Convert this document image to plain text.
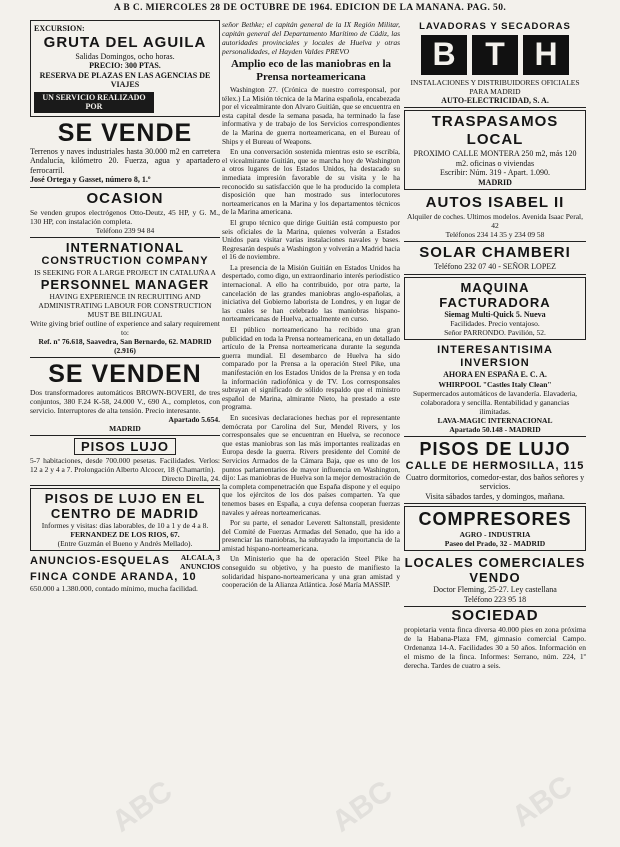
A B C. MIERCOLES 28 DE OCTUBRE DE 1964. EDICION DE LA MAÑANA. PAG. 50.
EXCURSION:
GRUTA DEL AGUILA
Salidas Domingos, ocho horas.
PRECIO: 300 PTAS.
RESERVA DE PLAZAS EN LAS AGENCIAS DE VIAJES
UN SERVICIO REALIZADO POR
SE VENDE
Terrenos y naves industriales hasta 30.000 m2 en carretera Andalucía, kilómetro 20. Fuerza, agua y apartadero ferrocarril.
José Ortega y Gasset, número 8, 1.º
OCASION
Se venden grupos electrógenos Otto-Deutz, 45 HP, y G. M., 130 HP, con instalación completa.
Teléfono 239 94 84
INTERNATIONAL
CONSTRUCTION COMPANY
IS SEEKING FOR A LARGE PROJECT IN CATALUÑA A
PERSONNEL MANAGER
HAVING EXPERIENCE IN RECRUITING AND ADMINISTRATING LABOUR FOR CONSTRUCTION MUST BE BILINGUAL
Write giving brief outline of experience and salary requirement to:
Ref. nº 76.618, Saavedra, San Bernardo, 62. MADRID (2.916)
SE VENDEN
Dos transformadores automáticos BROWN-BOVERI, de tres conjuntos, 380 F.24 K-58, 24.000 V., 690 A., completos, con servicio. Interruptores de alta tensión. Precio interesante.
Apartado 5.654.
MADRID
PISOS LUJO
5-7 habitaciones, desde 700.000 pesetas. Facilidades. Verlos: 12 a 2 y 4 a 7. Prolongación Alberto Alcocer, 18 (Chamartín).
Directo Dirella, 24.
PISOS DE LUJO EN EL
CENTRO DE MADRID
Informes y visitas: días laborables, de 10 a 1 y de 4 a 8.
FERNANDEZ DE LOS RIOS, 67.
(Entre Guzmán el Bueno y Andrés Mellado).
ANUNCIOS-ESQUELAS ALCALA, 3 ANUNCIOS
FINCA CONDE ARANDA, 10
650.000 a 1.380.000, contado mínimo, mucha facilidad.
señor Bethke; el capitán general de la IX Región Militar, capitán general del Departamento Marítimo de Cádiz, las autoridades provinciales y locales de Huelva y otras personalidades, el Hayden Valdes PREVO
Amplio eco de las maniobras en la Prensa norteamericana

Washington 27. (Crónica de nuestro corresponsal, por télex.) La Misión técnica de la Marina española, encabezada por el vicealmirante don Alvaro Guitián, que se encuentra en esta capital desde la semana pasada, ha terminado la fase informativa y de trabajo de los Servicios correspondientes de la Marina de guerra norteamericana, en el Bureau of Ships y el Bureau of Weapons.

En una conversación sostenida mientras esto se escribía, el vicealmirante Guitián, que se marcha hoy de Washington a otros lugares de los Estados Unidos, ha destacado su inmediata impresión favorable de su visita y le ha reconocido su satisfacción que le ha producido la completa disposición que han mostrado sus interlocutores norteamericanos en la Marina y los departamentos técnicos de la Marina americana.

El grupo técnico que dirige Guitián está compuesto por seis oficiales de la Marina, quienes volverán a Estados Unidos para visitar varias instalaciones navales y bases. Regresarán después a Washington y volverán a Madrid hacia el 16 de noviembre.

La presencia de la Misión Guitián en Estados Unidos ha despertado, como digo, un extraordinario interés periodístico internacional. A ello ha contribuido, por otra parte, la cancelación de las grandes maniobras anglo-españolas, a iniciativa del Gobierno laborista de Londres, y en lugar de las cuales se han celebrado las maniobras hispano-norteamericanas de Huelva, actualmente en curso.

El público norteamericano ha recibido una gran publicidad en toda la Prensa norteamericana, en un detallado artículo de la Prensa norteamericana durante la segunda guerra mundial. El desembarco de Huelva ha sido comparado por la Prensa a la operación Steel Pike, una manifestación en los Estados Unidos de la Prensa y en toda la información radiofónica y de TV. Los corresponsales subrayan el significado de sólido respaldo que el ministro español de Marina, almirante Nieto, ha prestado a este programa.

En sucesivas declaraciones hechas por el representante demócrata por Carolina del Sur, Mendel Rivers, y los corresponsales que se encuentran en Huelva, se reconoce que estas maniobras son las más importantes realizadas en Europa desde la guerra. Rivers presidente del Comité de Servicios Armados de la Cámara Baja, que es uno de los puntos parlamentarios de mayor influencia en Washington, dijo: Las maniobras de Huelva son la mejor demostración de la completa compenetración que España dispone y el equipo que los ejércitos de los dos países comparten. Ya que tenemos bases en España, a cuya defensa cooperan fuerzas navales y aéreas norteamericanas.

Por su parte, el senador Leverett Saltonstall, presidente del Comité de Fuerzas Armadas del Senado, que ha ido a presenciar las maniobras, ha subrayado la importancia de la amistad hispano-norteamericana.

Un Ministerio que ha de operación Steel Pike ha conseguido su objetivo, y ha puesto de manifiesto la solidaridad hispano-norteamericana y una gran amistad y cooperación de la Alianza Atlántica. José María MASSIP.

LAVADORAS Y SECADORAS
B T H
INSTALACIONES Y DISTRIBUIDORES OFICIALES PARA MADRID
AUTO-ELECTRICIDAD, S. A.
TRASPASAMOS LOCAL
PROXIMO CALLE MONTERA 250 m2, más 120 m2. oficinas o viviendas
Escribir: Núm. 319 - Apart. 1.090.
MADRID
AUTOS ISABEL II
Alquiler de coches. Ultimos modelos. Avenida Isaac Peral, 42
Teléfonos 234 14 35 y 234 09 58
SOLAR CHAMBERI
Teléfono 232 07 40 - SEÑOR LOPEZ
MAQUINA FACTURADORA
Siemag Multi-Quick 5. Nueva
Facilidades. Precio ventajoso.
Señor PARRONDO. Pavilión, 52.
INTERESANTISIMA INVERSION
AHORA EN ESPAÑA E. C. A.
WHIRPOOL "Castles Italy Clean"
Supermercados automáticos de lavandería. Elavaderia, colaboradora y sencilla. Rentabilidad y ganancias ilimitadas.
LAVA-MAGIC INTERNACIONAL
Apartado 50.148 - MADRID
PISOS DE LUJO
CALLE DE HERMOSILLA, 115
Cuatro dormitorios, comedor-estar, dos baños señores y servicios.
Visita sábados tardes, y domingos, mañana.
COMPRESORES
AGRO - INDUSTRIA
Paseo del Prado, 32 - MADRID
LOCALES COMERCIALES
VENDO
Doctor Fleming, 25-27. Ley castellana
Teléfono 223 95 18
SOCIEDAD
propietaria venta finca diversa 40.000 pies en zona próxima de la Habana-Plaza FM, gimnasio comercial Campo. Ordenanza 14-A. Facilidades 30 a 50 años. Información en el mismo de la finca. Informes: Serrano, núm. 224, 1º derecha. Tardes de cuatro a seis.
ABC	ABC	ABC
